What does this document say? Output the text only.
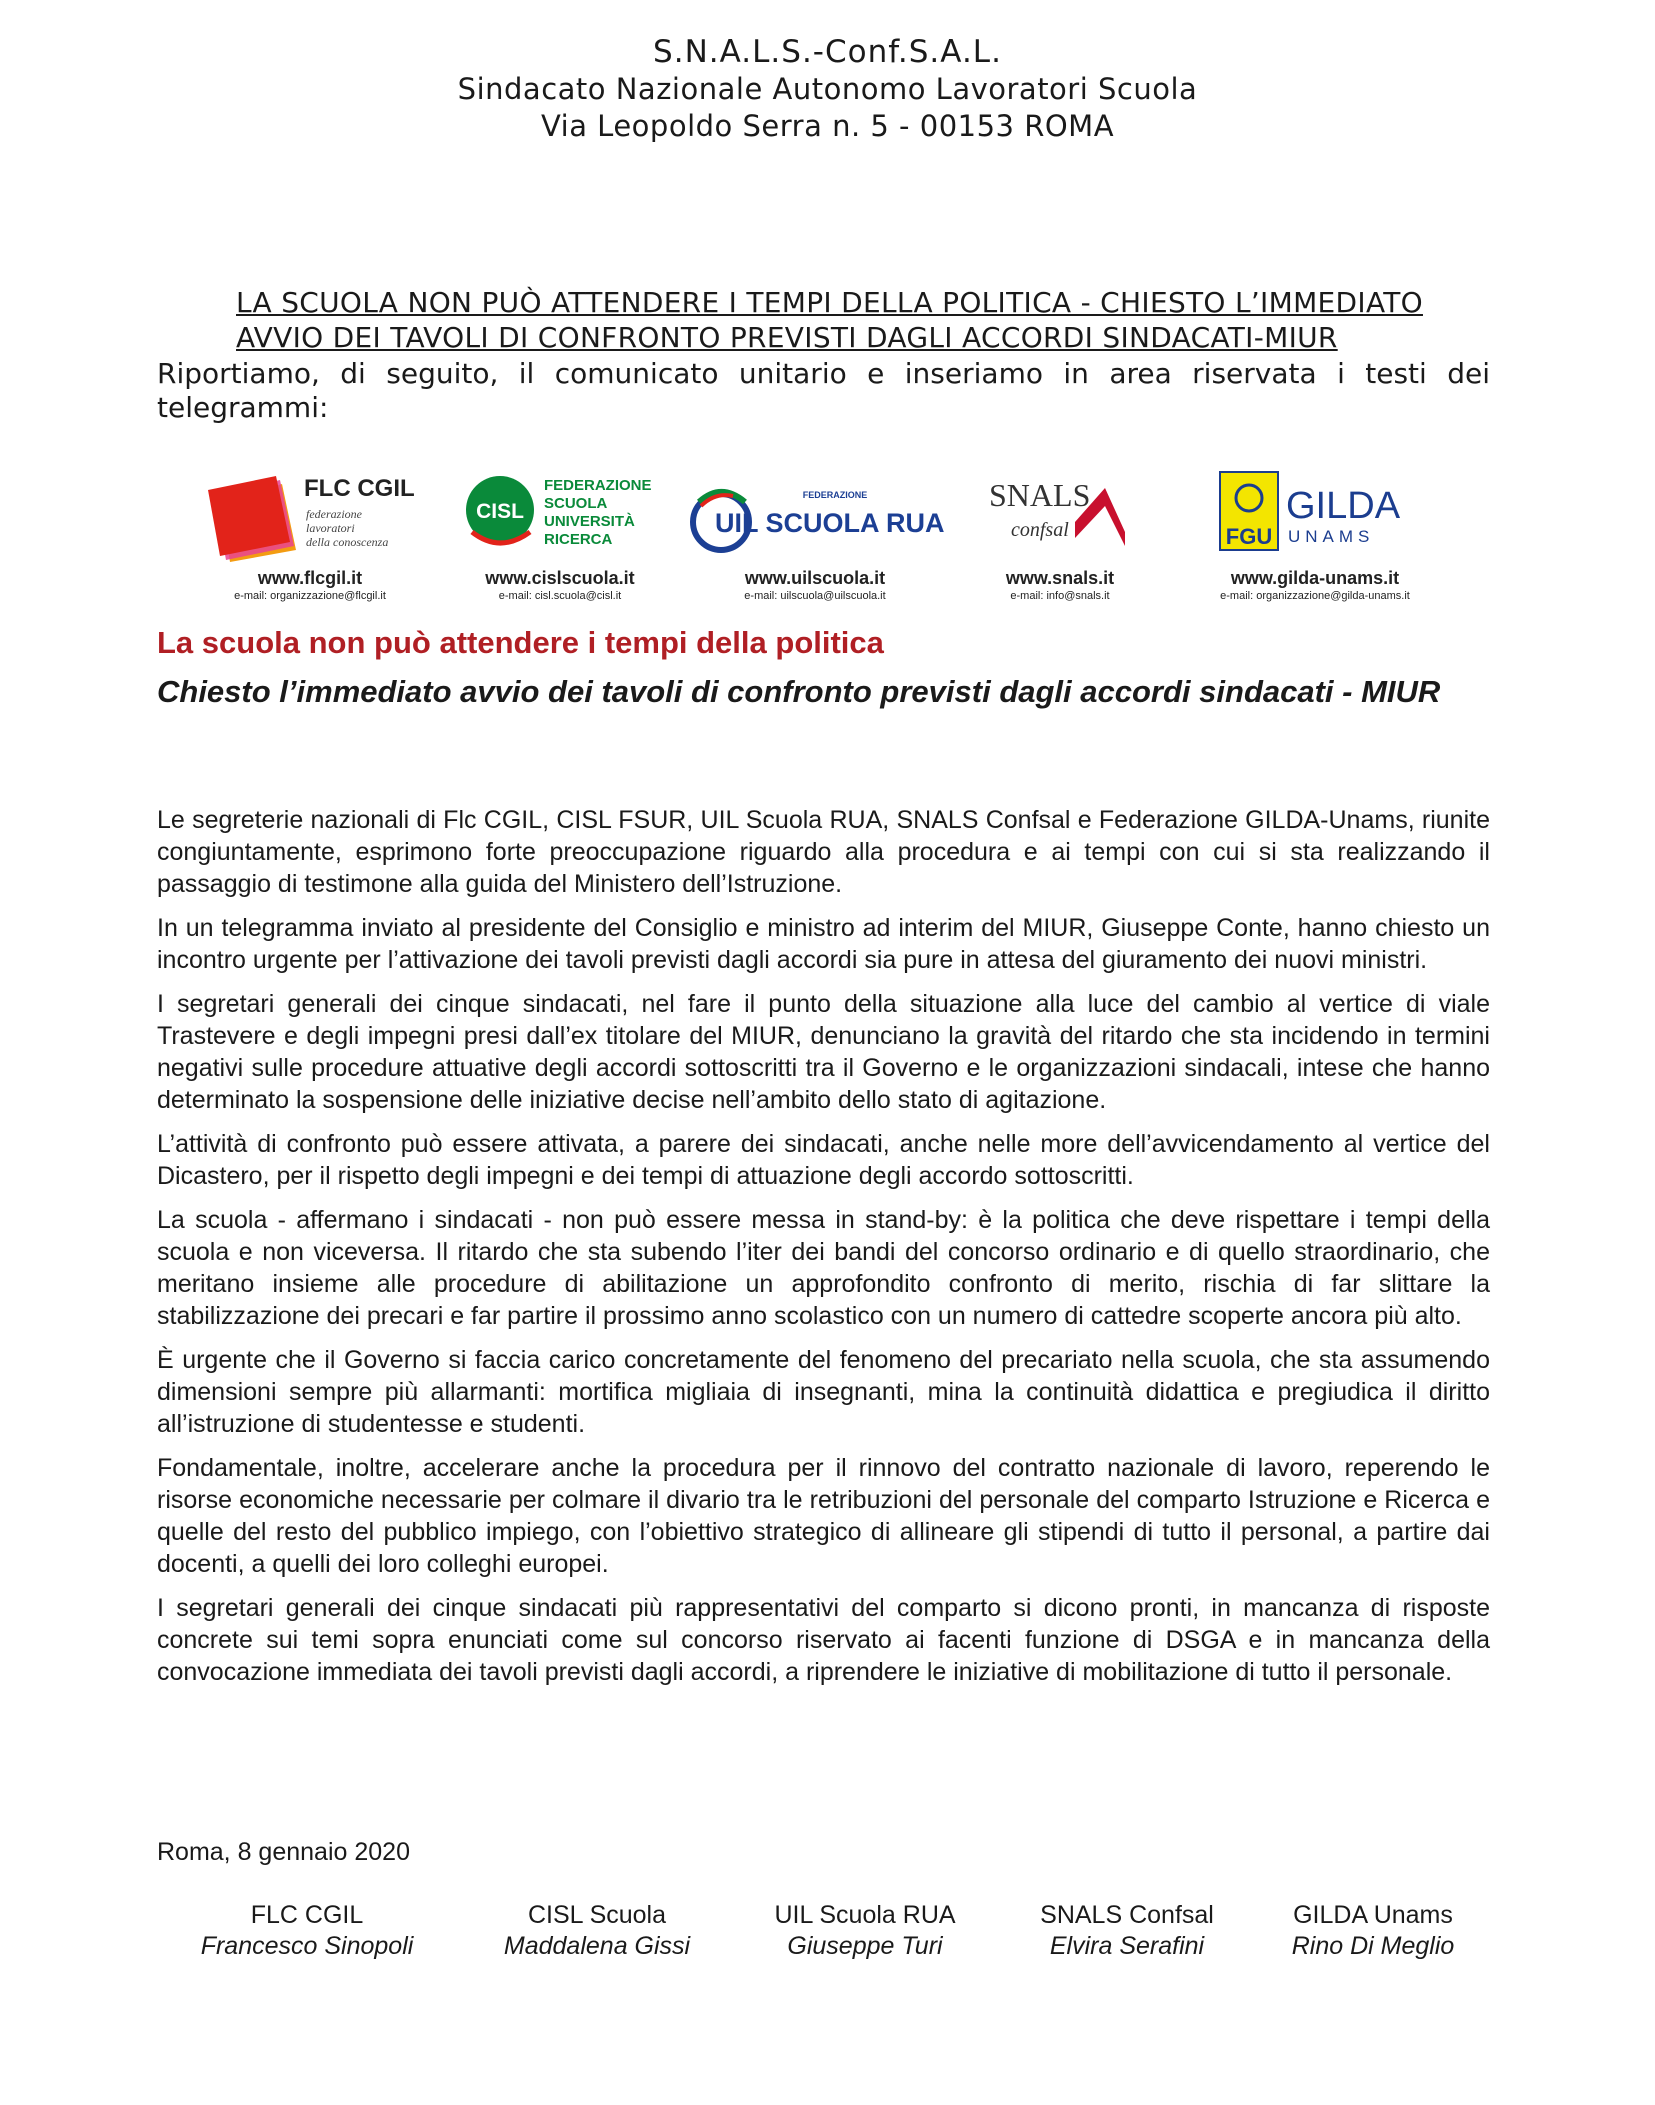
S.N.A.L.S.-Conf.S.A.L.
Sindacato Nazionale Autonomo Lavoratori Scuola
Via Leopoldo Serra n. 5 - 00153 ROMA
LA SCUOLA NON PUÒ ATTENDERE I TEMPI DELLA POLITICA - CHIESTO L’IMMEDIATO
AVVIO DEI TAVOLI DI CONFRONTO PREVISTI DAGLI ACCORDI SINDACATI-MIUR
Riportiamo, di seguito, il comunicato unitario e inseriamo in area riservata i testi dei telegrammi:
FLC CGIL
federazione
lavoratori
della conoscenza
www.flcgil.it
e-mail: organizzazione@flcgil.it
CISL
FEDERAZIONE
SCUOLA
UNIVERSITÀ
RICERCA
www.cislscuola.it
e-mail: cisl.scuola@cisl.it
FEDERAZIONE
UIL SCUOLA RUA
www.uilscuola.it
e-mail: uilscuola@uilscuola.it
SNALS
confsal
www.snals.it
e-mail: info@snals.it
FGU
GILDA
UNAMS
www.gilda-unams.it
e-mail: organizzazione@gilda-unams.it
La scuola non può attendere i tempi della politica
Chiesto l’immediato avvio dei tavoli di confronto previsti dagli accordi sindacati - MIUR

Le segreterie nazionali di Flc CGIL, CISL FSUR, UIL Scuola RUA, SNALS Confsal e Federazione GILDA-Unams, riunite congiuntamente, esprimono forte preoccupazione riguardo alla procedura e ai tempi con cui si sta realizzando il passaggio di testimone alla guida del Ministero dell’Istruzione.

In un telegramma inviato al presidente del Consiglio e ministro ad interim del MIUR, Giuseppe Conte, hanno chiesto un incontro urgente per l’attivazione dei tavoli previsti dagli accordi sia pure in attesa del giuramento dei nuovi ministri.

I segretari generali dei cinque sindacati, nel fare il punto della situazione alla luce del cambio al vertice di viale Trastevere e degli impegni presi dall’ex titolare del MIUR, denunciano la gravità del ritardo che sta incidendo in termini negativi sulle procedure attuative degli accordi sottoscritti tra il Governo e le organizzazioni sindacali, intese che hanno determinato la sospensione delle iniziative decise nell’ambito dello stato di agitazione.

L’attività di confronto può essere attivata, a parere dei sindacati, anche nelle more dell’avvicendamento al vertice del Dicastero, per il rispetto degli impegni e dei tempi di attuazione degli accordo sottoscritti.

La scuola - affermano i sindacati - non può essere messa in stand-by: è la politica che deve rispettare i tempi della scuola e non viceversa. Il ritardo che sta subendo l’iter dei bandi del concorso ordinario e di quello straordinario, che meritano insieme alle procedure di abilitazione un approfondito confronto di merito, rischia di far slittare la stabilizzazione dei precari e far partire il prossimo anno scolastico con un numero di cattedre scoperte ancora più alto.

È urgente che il Governo si faccia carico concretamente del fenomeno del precariato nella scuola, che sta assumendo dimensioni sempre più allarmanti: mortifica migliaia di insegnanti, mina la continuità didattica e pregiudica il diritto all’istruzione di studentesse e studenti.

Fondamentale, inoltre, accelerare anche la procedura per il rinnovo del contratto nazionale di lavoro, reperendo le risorse economiche necessarie per colmare il divario tra le retribuzioni del personale del comparto Istruzione e Ricerca e quelle del resto del pubblico impiego, con l’obiettivo strategico di allineare gli stipendi di tutto il personal, a partire dai docenti, a quelli dei loro colleghi europei.

I segretari generali dei cinque sindacati più rappresentativi del comparto si dicono pronti, in mancanza di risposte concrete sui temi sopra enunciati come sul concorso riservato ai facenti funzione di DSGA e in mancanza della convocazione immediata dei tavoli previsti dagli accordi, a riprendere le iniziative di mobilitazione di tutto il personale.

Roma, 8 gennaio 2020
FLC CGIL
Francesco Sinopoli
CISL Scuola
Maddalena Gissi
UIL Scuola RUA
Giuseppe Turi
SNALS Confsal
Elvira Serafini
GILDA Unams
Rino Di Meglio
